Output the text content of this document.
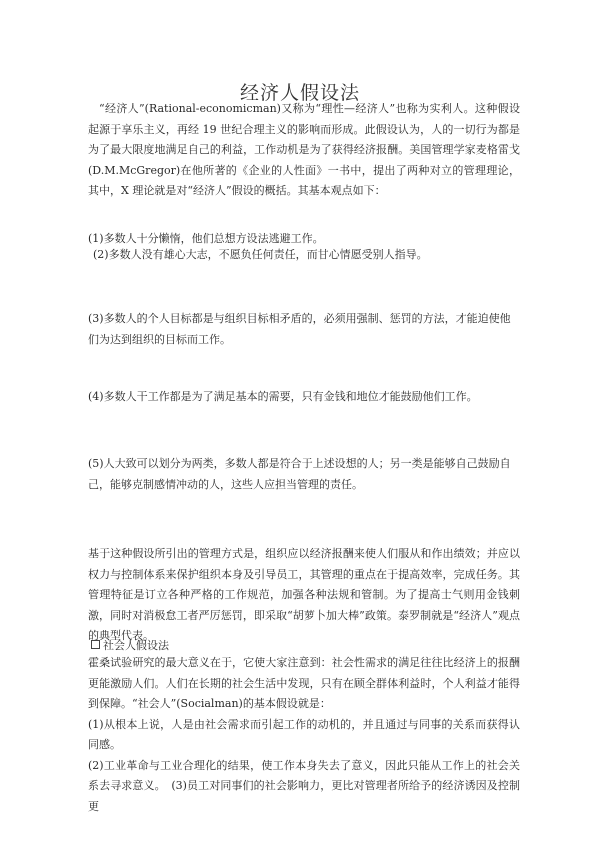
经济人假设法
“经济人”(Rational-economicman)又称为“理性—经济人”也称为实利人。这种假设起源于享乐主义，再经 19 世纪合理主义的影响而形成。此假设认为，人的一切行为都是为了最大限度地满足自己的利益，工作动机是为了获得经济报酬。美国管理学家麦格雷戈(D.M.McGregor)在他所著的《企业的人性面》一书中，提出了两种对立的管理理论，其中，X 理论就是对“经济人”假设的概括。其基本观点如下：
(1)多数人十分懒惰，他们总想方设法逃避工作。
(2)多数人没有雄心大志，不愿负任何责任，而甘心情愿受别人指导。
(3)多数人的个人目标都是与组织目标相矛盾的，必须用强制、惩罚的方法，才能迫使他们为达到组织的目标而工作。
(4)多数人干工作都是为了满足基本的需要，只有金钱和地位才能鼓励他们工作。
(5)人大致可以划分为两类，多数人都是符合于上述设想的人；另一类是能够自己鼓励自己，能够克制感情冲动的人，这些人应担当管理的责任。
基于这种假设所引出的管理方式是，组织应以经济报酬来使人们服从和作出绩效；并应以权力与控制体系来保护组织本身及引导员工，其管理的重点在于提高效率，完成任务。其管理特征是订立各种严格的工作规范，加强各种法规和管制。为了提高士气则用金钱刺激，同时对消极怠工者严厉惩罚，即采取“胡萝卜加大棒”政策。泰罗制就是“经济人”观点的典型代表。
社会人假设法
霍桑试验研究的最大意义在于，它使大家注意到：社会性需求的满足往往比经济上的报酬更能激励人们。人们在长期的社会生活中发现，只有在顾全群体利益时，个人利益才能得到保障。“社会人”(Socialman)的基本假设就是：
(1)从根本上说，人是由社会需求而引起工作的动机的，并且通过与同事的关系而获得认同感。
(2)工业革命与工业合理化的结果，使工作本身失去了意义，因此只能从工作上的社会关系去寻求意义。　(3)员工对同事们的社会影响力，更比对管理者所给予的经济诱因及控制更
